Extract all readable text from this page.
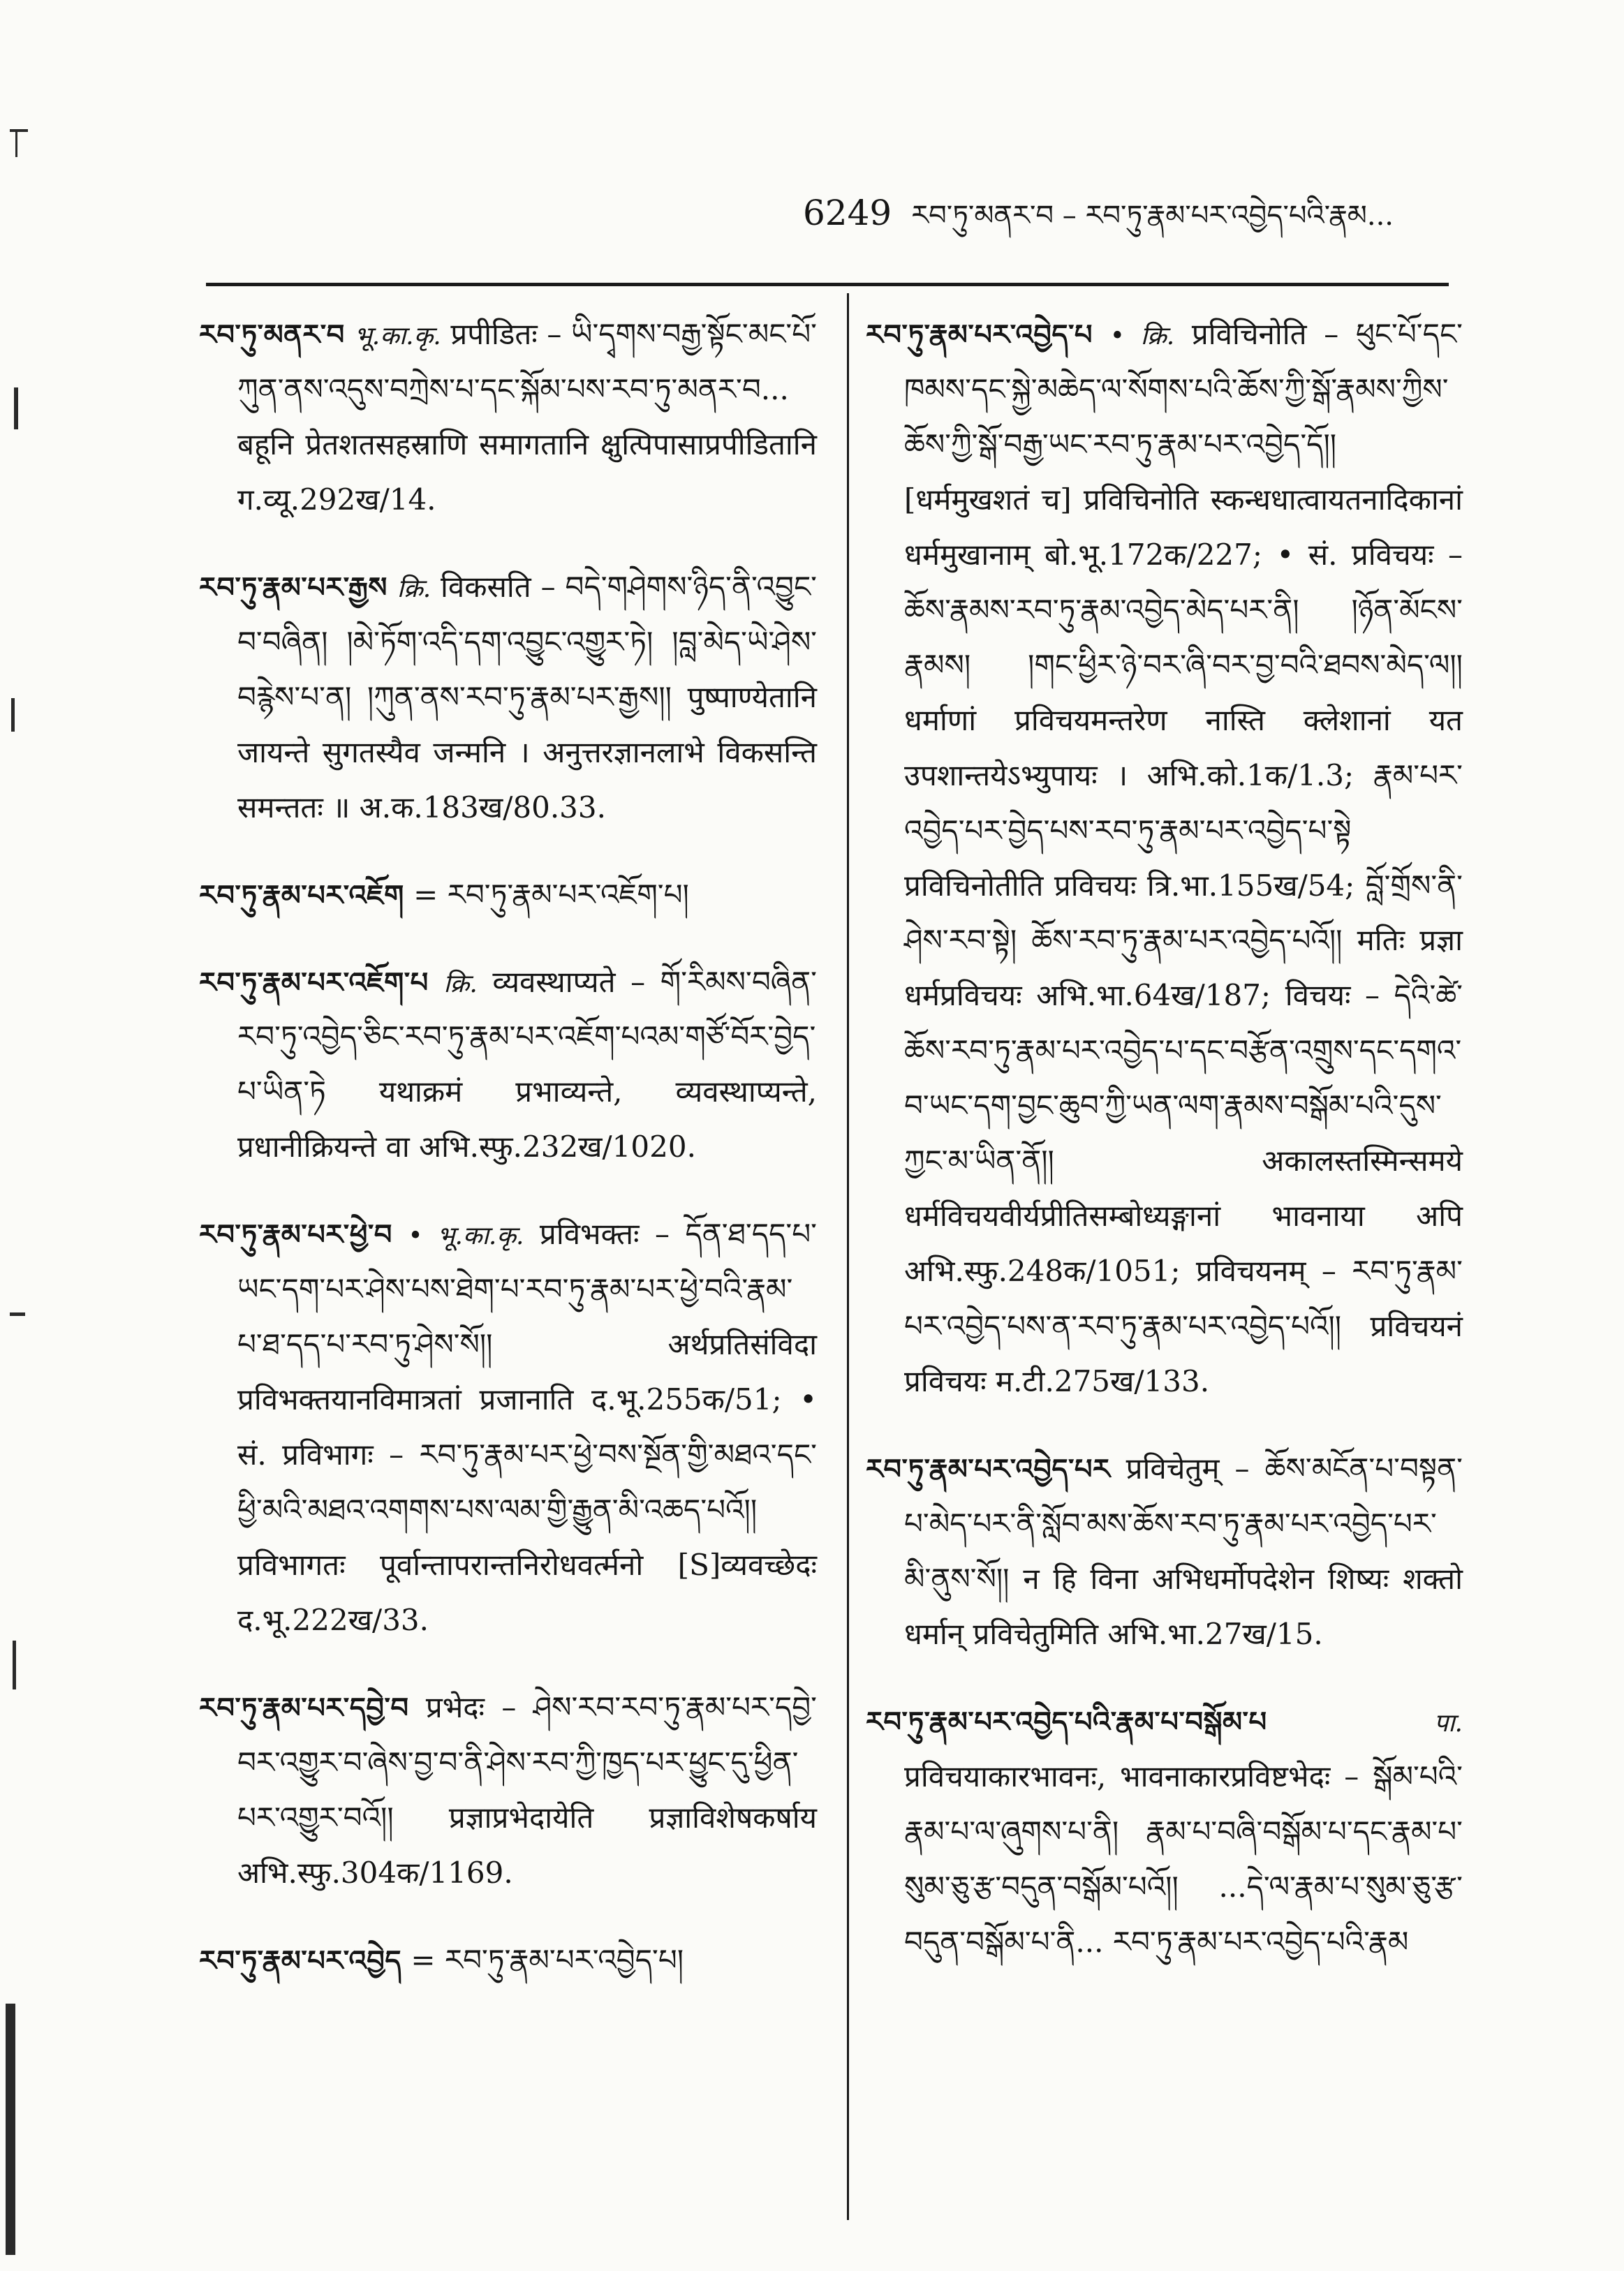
6249 རབ་ཏུ་མནར་བ – རབ་ཏུ་རྣམ་པར་འབྱེད་པའི་རྣམ...
རབ་ཏུ་མནར་བ भू.का.कृ. प्रपीडितः – ཡི་དྭགས་བརྒྱ་སྟོང་མང་པོ་ཀུན་ནས་འདུས་བཀྲེས་པ་དང་སྐོམ་པས་རབ་ཏུ་མནར་བ... बहूनि प्रेतशतसहस्राणि समागतानि क्षुत्पिपासाप्रपीडितानि ग.व्यू.292ख/14.
རབ་ཏུ་རྣམ་པར་རྒྱས क्रि. विकसति – བདེ་གཤེགས་ཉིད་ནི་འབྱུང་བ་བཞིན། །མེ་ཏོག་འདི་དག་འབྱུང་འགྱུར་ཏེ། །བླ་མེད་ཡེ་ཤེས་བརྙེས་པ་ན། །ཀུན་ནས་རབ་ཏུ་རྣམ་པར་རྒྱས།། पुष्पाण्येतानि जायन्ते सुगतस्यैव जन्मनि । अनुत्तरज्ञानलाभे विकसन्ति समन्ततः ॥ अ.क.183ख/80.33.
རབ་ཏུ་རྣམ་པར་འཇོག = རབ་ཏུ་རྣམ་པར་འཇོག་པ།
རབ་ཏུ་རྣམ་པར་འཇོག་པ क्रि. व्यवस्थाप्यते – གོ་རིམས་བཞིན་རབ་ཏུ་འབྱེད་ཅིང་རབ་ཏུ་རྣམ་པར་འཇོག་པའམ་གཙོ་བོར་བྱེད་པ་ཡིན་ཏེ यथाक्रमं प्रभाव्यन्ते, व्यवस्थाप्यन्ते, प्रधानीक्रियन्ते वा अभि.स्फु.232ख/1020.
རབ་ཏུ་རྣམ་པར་ཕྱེ་བ • भू.का.कृ. प्रविभक्तः – དོན་ཐ་དད་པ་ཡང་དག་པར་ཤེས་པས་ཐེག་པ་རབ་ཏུ་རྣམ་པར་ཕྱེ་བའི་རྣམ་པ་ཐ་དད་པ་རབ་ཏུ་ཤེས་སོ།། अर्थप्रतिसंविदा प्रविभक्तयानविमात्रतां प्रजानाति द.भू.255क/51; • सं. प्रविभागः – རབ་ཏུ་རྣམ་པར་ཕྱེ་བས་སྔོན་གྱི་མཐའ་དང་ཕྱི་མའི་མཐའ་འགགས་པས་ལམ་གྱི་རྒྱུན་མི་འཆད་པའོ།། प्रविभागतः पूर्वान्तापरान्तनिरोधवर्त्मनो [S]व्यवच्छेदः द.भू.222ख/33.
རབ་ཏུ་རྣམ་པར་དབྱེ་བ प्रभेदः – ཤེས་རབ་རབ་ཏུ་རྣམ་པར་དབྱེ་བར་འགྱུར་བ་ཞེས་བྱ་བ་ནི་ཤེས་རབ་ཀྱི་ཁྱད་པར་ཕྱུང་དུ་ཕྱིན་པར་འགྱུར་བའོ།། प्रज्ञाप्रभेदायेति प्रज्ञाविशेषकर्षाय अभि.स्फु.304क/1169.
རབ་ཏུ་རྣམ་པར་འབྱེད = རབ་ཏུ་རྣམ་པར་འབྱེད་པ།
རབ་ཏུ་རྣམ་པར་འབྱེད་པ • क्रि. प्रविचिनोति – ཕུང་པོ་དང་ཁམས་དང་སྐྱེ་མཆེད་ལ་སོགས་པའི་ཆོས་ཀྱི་སྒོ་རྣམས་ཀྱིས་ཆོས་ཀྱི་སྒོ་བརྒྱ་ཡང་རབ་ཏུ་རྣམ་པར་འབྱེད་དོ།། [धर्ममुखशतं च] प्रविचिनोति स्कन्धधात्वायतनादिकानां धर्ममुखानाम् बो.भू.172क/227; • सं. प्रविचयः – ཆོས་རྣམས་རབ་ཏུ་རྣམ་འབྱེད་མེད་པར་ནི། །ཉོན་མོངས་རྣམས། །གང་ཕྱིར་ཉེ་བར་ཞི་བར་བྱ་བའི་ཐབས་མེད་ལ།། धर्माणां प्रविचयमन्तरेण नास्ति क्लेशानां यत उपशान्तयेऽभ्युपायः । अभि.को.1क/1.3; རྣམ་པར་འབྱེད་པར་བྱེད་པས་རབ་ཏུ་རྣམ་པར་འབྱེད་པ་སྟེ प्रविचिनोतीति प्रविचयः त्रि.भा.155ख/54; བློ་གྲོས་ནི་ཤེས་རབ་སྟེ། ཆོས་རབ་ཏུ་རྣམ་པར་འབྱེད་པའོ།། मतिः प्रज्ञा धर्मप्रविचयः अभि.भा.64ख/187; विचयः – དེའི་ཚེ་ཆོས་རབ་ཏུ་རྣམ་པར་འབྱེད་པ་དང་བརྩོན་འགྲུས་དང་དགའ་བ་ཡང་དག་བྱང་ཆུབ་ཀྱི་ཡན་ལག་རྣམས་བསྒོམ་པའི་དུས་ཀྱང་མ་ཡིན་ནོ།། अकालस्तस्मिन्समये धर्मविचयवीर्यप्रीतिसम्बोध्यङ्गानां भावनाया अपि अभि.स्फु.248क/1051; प्रविचयनम् – རབ་ཏུ་རྣམ་པར་འབྱེད་པས་ན་རབ་ཏུ་རྣམ་པར་འབྱེད་པའོ།། प्रविचयनं प्रविचयः म.टी.275ख/133.
རབ་ཏུ་རྣམ་པར་འབྱེད་པར प्रविचेतुम् – ཆོས་མངོན་པ་བསྟན་པ་མེད་པར་ནི་སློབ་མས་ཆོས་རབ་ཏུ་རྣམ་པར་འབྱེད་པར་མི་ནུས་སོ།། न हि विना अभिधर्मोपदेशेन शिष्यः शक्तो धर्मान् प्रविचेतुमिति अभि.भा.27ख/15.
རབ་ཏུ་རྣམ་པར་འབྱེད་པའི་རྣམ་པ་བསྒོམ་པ	पा. प्रविचयाकारभावनः, भावनाकारप्रविष्टभेदः – སྒོམ་པའི་རྣམ་པ་ལ་ཞུགས་པ་ནི། རྣམ་པ་བཞི་བསྒོམ་པ་དང་རྣམ་པ་སུམ་ཅུ་རྩ་བདུན་བསྒོམ་པའོ།། ...དེ་ལ་རྣམ་པ་སུམ་ཅུ་རྩ་བདུན་བསྒོམ་པ་ནི... རབ་ཏུ་རྣམ་པར་འབྱེད་པའི་རྣམ
